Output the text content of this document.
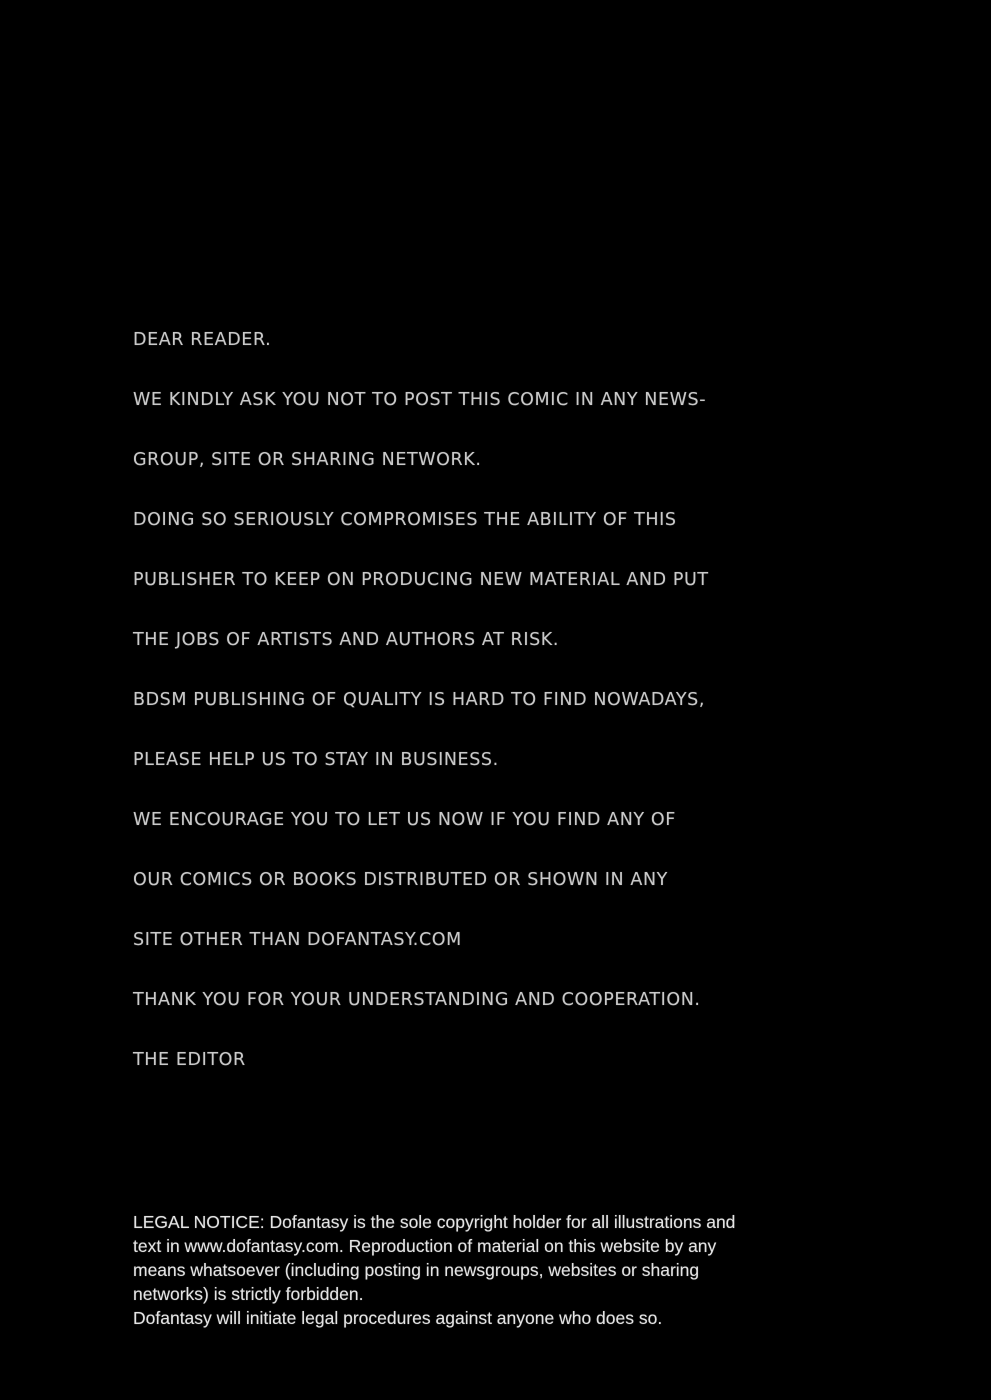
DEAR READER.
WE KINDLY ASK YOU NOT TO POST THIS COMIC IN ANY NEWS-
GROUP, SITE OR SHARING NETWORK.
DOING SO SERIOUSLY COMPROMISES THE ABILITY OF THIS
PUBLISHER TO KEEP ON PRODUCING NEW MATERIAL AND PUT
THE JOBS OF ARTISTS AND AUTHORS AT RISK.
BDSM PUBLISHING OF QUALITY IS HARD TO FIND NOWADAYS,
PLEASE HELP US TO STAY IN BUSINESS.
WE ENCOURAGE YOU TO LET US NOW IF YOU FIND ANY OF
OUR COMICS OR BOOKS DISTRIBUTED OR SHOWN IN ANY
SITE OTHER THAN DOFANTASY.COM
THANK YOU FOR YOUR UNDERSTANDING AND COOPERATION.
THE EDITOR
LEGAL NOTICE: Dofantasy is the sole copyright holder for all illustrations and
text in www.dofantasy.com. Reproduction of material on this website by any
means whatsoever (including posting in newsgroups, websites or sharing
networks) is strictly forbidden.
Dofantasy will initiate legal procedures against anyone who does so.
